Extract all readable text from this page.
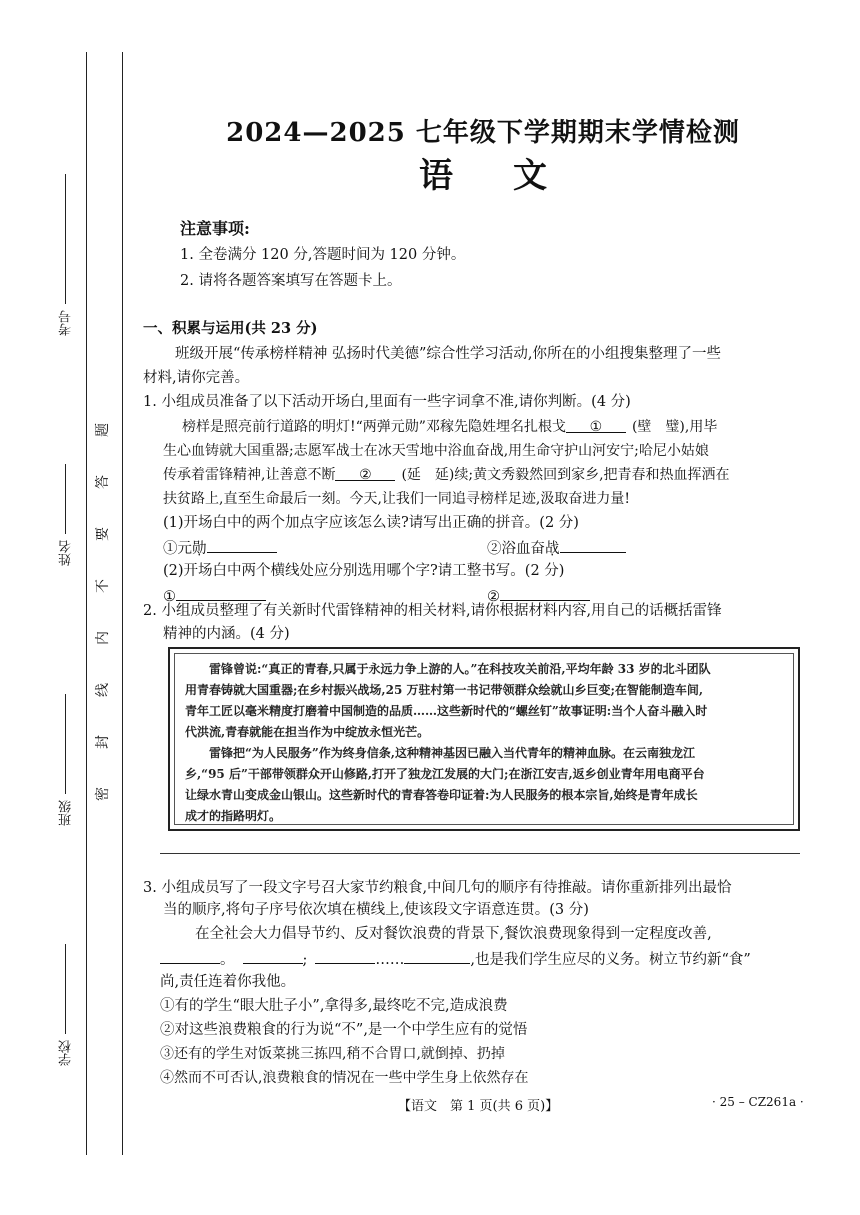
考号
姓名
班级
学校
题
答
要
不
内
线
封
密
2024—2025 七年级下学期期末学情检测
语文
注意事项:
1. 全卷满分 120 分,答题时间为 120 分钟。
2. 请将各题答案填写在答题卡上。
一、积累与运用(共 23 分)
班级开展“传承榜样精神 弘扬时代美德”综合性学习活动,你所在的小组搜集整理了一些
材料,请你完善。
1. 小组成员准备了以下活动开场白,里面有一些字词拿不准,请你判断。(4 分)
榜样是照亮前行道路的明灯!“两弹元勋”邓稼先隐姓埋名扎根戈 ① (壁　璧),用毕
生心血铸就大国重器;志愿军战士在冰天雪地中浴血奋战,用生命守护山河安宁;哈尼小姑娘
传承着雷锋精神,让善意不断 ② (延　延)续;黄文秀毅然回到家乡,把青春和热血挥洒在
扶贫路上,直至生命最后一刻。今天,让我们一同追寻榜样足迹,汲取奋进力量!
(1)开场白中的两个加点字应该怎么读?请写出正确的拼音。(2 分)
①元勋	②浴血奋战
(2)开场白中两个横线处应分别选用哪个字?请工整书写。(2 分)
①	②
2. 小组成员整理了有关新时代雷锋精神的相关材料,请你根据材料内容,用自己的话概括雷锋
精神的内涵。(4 分)
　　雷锋曾说:“真正的青春,只属于永远力争上游的人。”在科技攻关前沿,平均年龄 33 岁的北斗团队
用青春铸就大国重器;在乡村振兴战场,25 万驻村第一书记带领群众绘就山乡巨变;在智能制造车间,
青年工匠以毫米精度打磨着中国制造的品质……这些新时代的“螺丝钉”故事证明:当个人奋斗融入时
代洪流,青春就能在担当作为中绽放永恒光芒。
　　雷锋把“为人民服务”作为终身信条,这种精神基因已融入当代青年的精神血脉。在云南独龙江
乡,“95 后”干部带领群众开山修路,打开了独龙江发展的大门;在浙江安吉,返乡创业青年用电商平台
让绿水青山变成金山银山。这些新时代的青春答卷印证着:为人民服务的根本宗旨,始终是青年成长
成才的指路明灯。
3. 小组成员写了一段文字号召大家节约粮食,中间几句的顺序有待推敲。请你重新排列出最恰
当的顺序,将句子序号依次填在横线上,使该段文字语意连贯。(3 分)
在全社会大力倡导节约、反对餐饮浪费的背景下,餐饮浪费现象得到一定程度改善,
。	;	……	,也是我们学生应尽的义务。树立节约新“食”
尚,责任连着你我他。
①有的学生“眼大肚子小”,拿得多,最终吃不完,造成浪费
②对这些浪费粮食的行为说“不”,是一个中学生应有的觉悟
③还有的学生对饭菜挑三拣四,稍不合胃口,就倒掉、扔掉
④然而不可否认,浪费粮食的情况在一些中学生身上依然存在
【语文　第 1 页(共 6 页)】	· 25 – CZ261a ·
